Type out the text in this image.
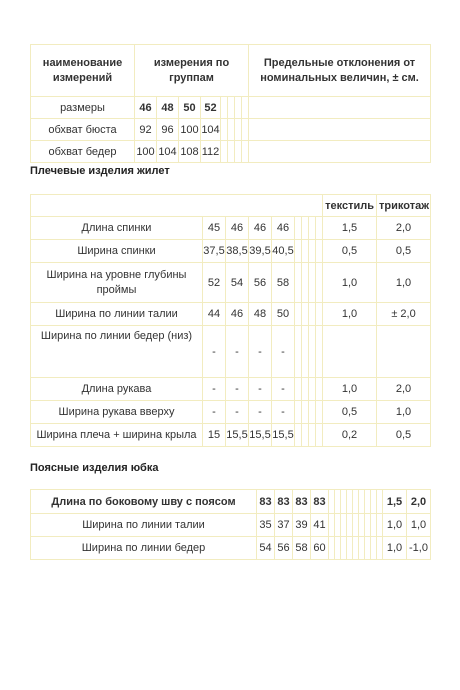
наименование измерений	измерения по группам								Предельные отклонения от номинальных величин, ± см.
размеры	46	48	50	52					
обхват бюста	92	96	100	104					
обхват бедер	100	104	108	112					
Плечевые изделия жилет
									текстиль	трикотаж
Длина спинки	45	46	46	46					1,5	2,0
Ширина спинки	37,5	38,5	39,5	40,5					0,5	0,5
Ширина на уровне глубины проймы	52	54	56	58					1,0	1,0
Ширина по линии талии	44	46	48	50					1,0	± 2,0
Ширина по линии бедер (низ)	-	-	-	-						
Длина рукава	-	-	-	-					1,0	2,0
Ширина рукава вверху	-	-	-	-					0,5	1,0
Ширина плеча + ширина крыла	15	15,5	15,5	15,5					0,2	0,5
Поясные изделия юбка
Длина по боковому шву с поясом	83	83	83	83										1,5	2,0
Ширина по линии талии	35	37	39	41										1,0	1,0
Ширина по линии бедер	54	56	58	60										1,0	-1,0
